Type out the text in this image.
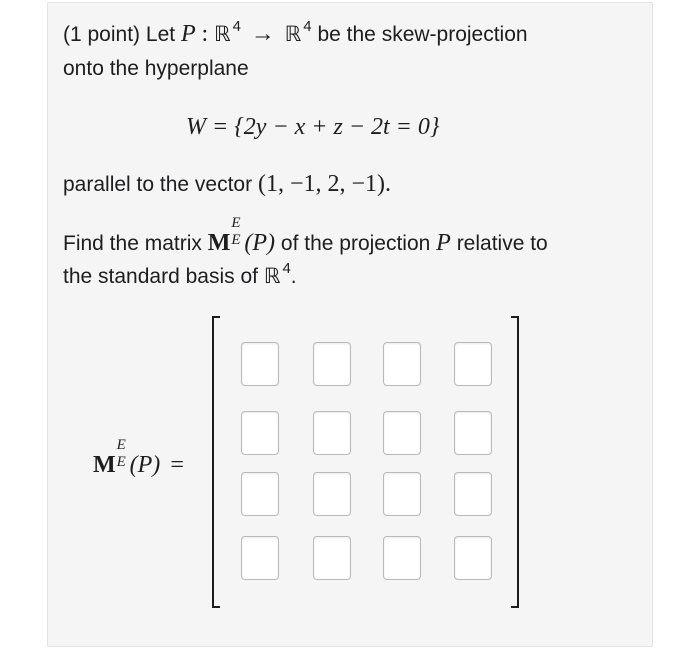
(1 point) Let P : ℝ $^4$ → ℝ $^4$ be the skew-projection
onto the hyperplane
W = {2y − x + z − 2t = 0}
parallel to the vector (1, −1, 2, −1).
Find the matrix M
E
E (P) of the projection P relative to
the standard basis of ℝ $^4$.
M
E
E (P) =
